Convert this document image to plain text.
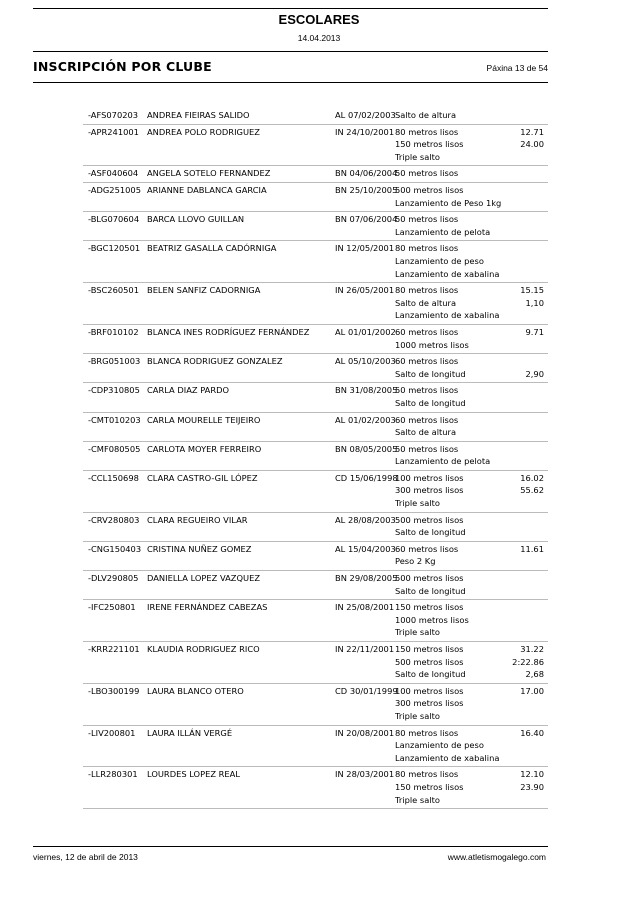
ESCOLARES
14.04.2013
INSCRIPCIÓN POR CLUBE	Páxina 13 de 54
-AFS070203 ANDREA FIEIRAS SALIDO	AL 07/02/2003 Salto de altura
-APR241001 ANDREA POLO RODRIGUEZ	IN 24/10/2001 80 metros lisos	12.71
150 metros lisos	24.00
Triple salto
-ASF040604 ANGELA SOTELO FERNANDEZ	BN 04/06/2004
50 metros lisos
-ADG251005 ARIANNE DABLANCA GARCIA	BN 25/10/2005
500 metros lisos
Lanzamiento de Peso 1kg
-BLG070604 BARCA LLOVO GUILLAN	BN 07/06/2004
50 metros lisos
Lanzamiento de pelota
-BGC120501 BEATRIZ GASALLA CADÓRNIGA	IN 12/05/2001 80 metros lisos
Lanzamiento de peso
Lanzamiento de xabalina
-BSC260501 BELEN SANFIZ CADORNIGA	IN 26/05/2001 80 metros lisos	15.15
Salto de altura	1,10
Lanzamiento de xabalina
-BRF010102 BLANCA INES RODRÍGUEZ FERNÁNDEZ	AL 01/01/2002 60 metros lisos	9.71
1000 metros lisos
-BRG051003 BLANCA RODRIGUEZ GONZALEZ	AL 05/10/2003 60 metros lisos
Salto de longitud	2,90
-CDP310805 CARLA DIAZ PARDO	BN 31/08/2005
50 metros lisos
Salto de longitud
-CMT010203 CARLA MOURELLE TEIJEIRO	AL 01/02/2003 60 metros lisos
Salto de altura
-CMF080505 CARLOTA MOYER FERREIRO	BN 08/05/2005
50 metros lisos
Lanzamiento de pelota
-CCL150698 CLARA CASTRO-GIL LÓPEZ	CD 15/06/1998
100 metros lisos	16.02
300 metros lisos	55.62
Triple salto
-CRV280803 CLARA REGUEIRO VILAR	AL 28/08/2003 500 metros lisos
Salto de longitud
-CNG150403 CRISTINA NUÑEZ GOMEZ	AL 15/04/2003 60 metros lisos	11.61
Peso 2 Kg
-DLV290805 DANIELLA LOPEZ VAZQUEZ	BN 29/08/2005
500 metros lisos
Salto de longitud
-IFC250801 IRENE FERNÁNDEZ CABEZAS	IN 25/08/2001 150 metros lisos
1000 metros lisos
Triple salto
-KRR221101 KLAUDIA RODRIGUEZ RICO	IN 22/11/2001 150 metros lisos	31.22
500 metros lisos	2:22.86
Salto de longitud	2,68
-LBO300199 LAURA BLANCO OTERO	CD 30/01/1999
100 metros lisos	17.00
300 metros lisos
Triple salto
-LIV200801 LAURA ILLÁN VERGÉ	IN 20/08/2001 80 metros lisos	16.40
Lanzamiento de peso
Lanzamiento de xabalina
-LLR280301 LOURDES LOPEZ REAL	IN 28/03/2001 80 metros lisos	12.10
150 metros lisos	23.90
Triple salto
viernes, 12 de abril de 2013	www.atletismogalego.com
